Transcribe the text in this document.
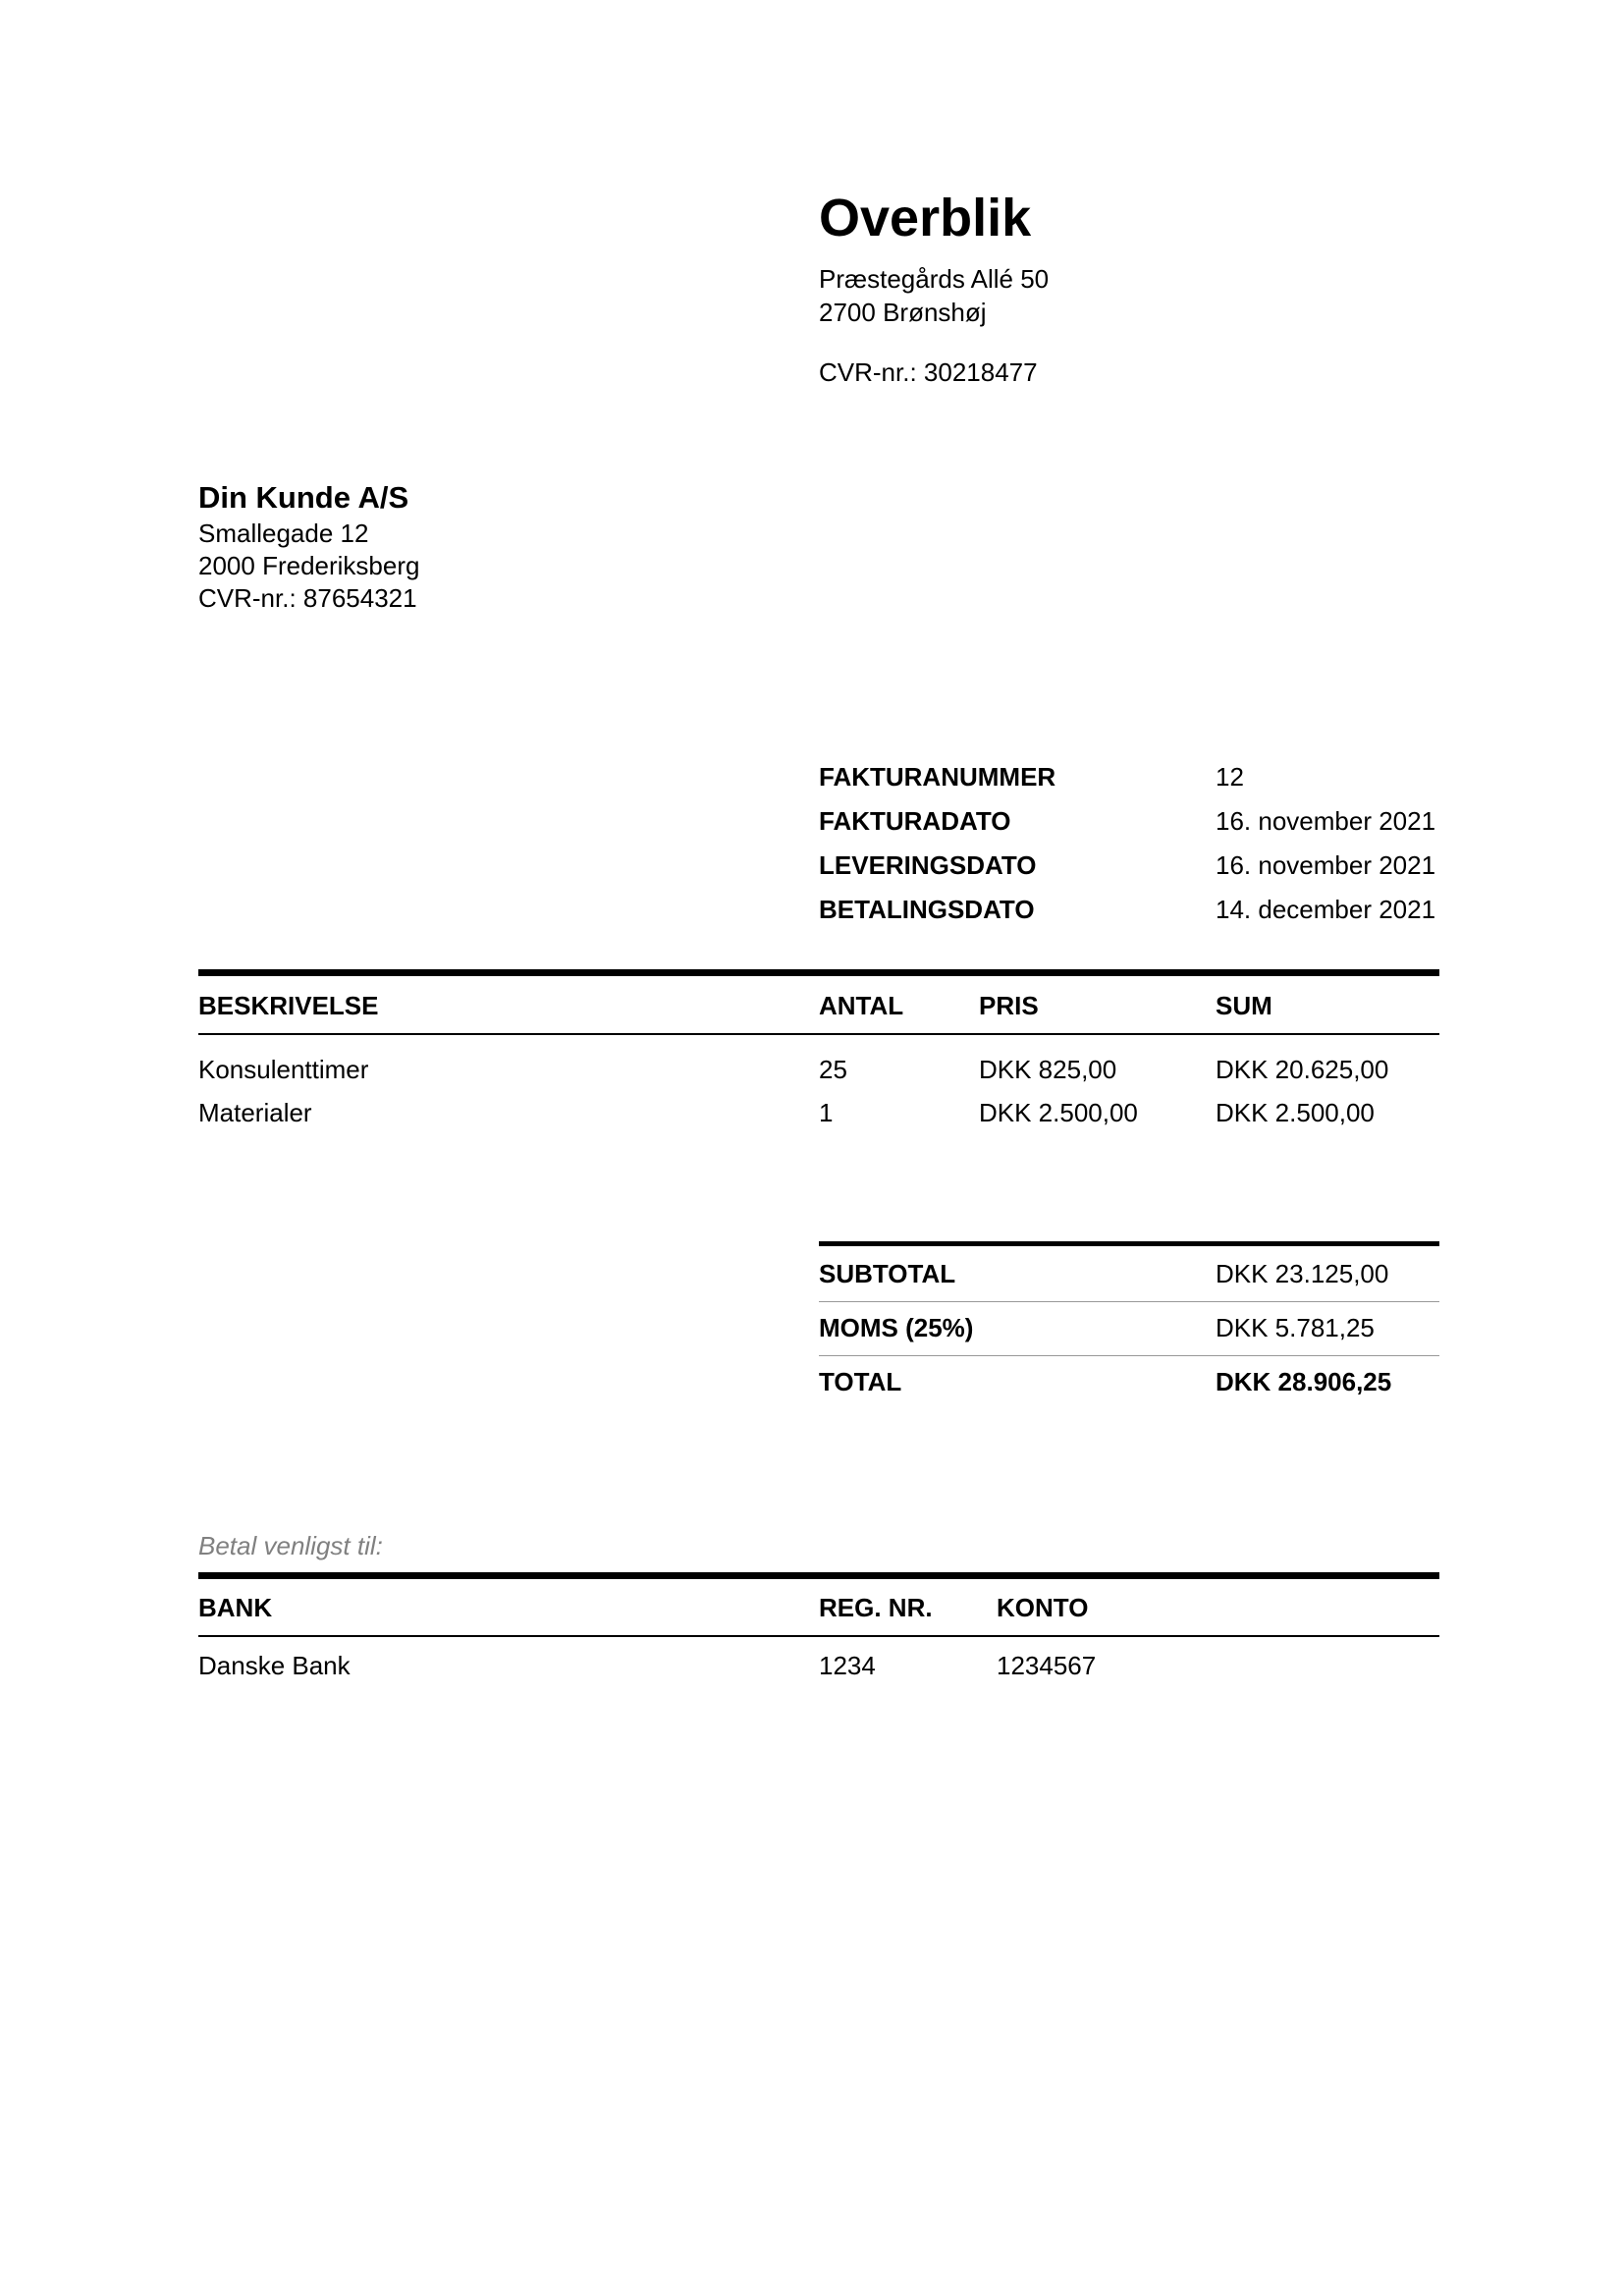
Overblik
Præstegårds Allé 50
2700 Brønshøj
CVR-nr.: 30218477
Din Kunde A/S
Smallegade 12
2000 Frederiksberg
CVR-nr.: 87654321
FAKTURANUMMER	12
FAKTURADATO	16. november 2021
LEVERINGSDATO	16. november 2021
BETALINGSDATO	14. december 2021
BESKRIVELSE	ANTAL	PRIS	SUM
Konsulenttimer	25	DKK 825,00	DKK 20.625,00
Materialer	1	DKK 2.500,00	DKK 2.500,00
SUBTOTAL	DKK 23.125,00
MOMS (25%)	DKK 5.781,25
TOTAL	DKK 28.906,25
Betal venligst til:
BANK	REG. NR.	KONTO
Danske Bank	1234	1234567
